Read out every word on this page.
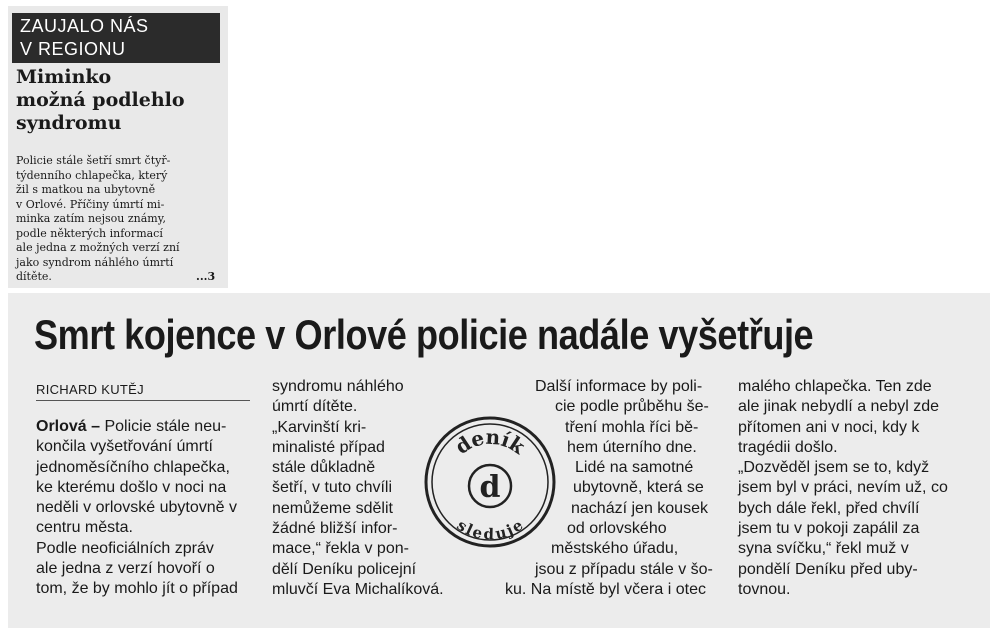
ZAUJALO NÁS
V REGIONU
Miminko
možná podlehlo
syndromu
Policie stále šetří smrt čtyř-
týdenního chlapečka, který
žil s matkou na ubytovně
v Orlové. Příčiny úmrtí mi-
minka zatím nejsou známy,
podle některých informací
ale jedna z možných verzí zní
jako syndrom náhlého úmrtí
dítěte.	...3
Smrt kojence v Orlové policie nadále vyšetřuje
RICHARD KUTĚJ
Orlová – Policie stále neu-
končila vyšetřování úmrtí
jednoměsíčního chlapečka,
ke kterému došlo v noci na
neděli v orlovské ubytovně v
centru města.
Podle neoficiálních zpráv
ale jedna z verzí hovoří o
tom, že by mohlo jít o případ
syndromu náhlého
úmrtí dítěte.
„Karvinští kri-
minalisté případ
stále důkladně
šetří, v tuto chvíli
nemůžeme sdělit
žádné bližší infor-
mace,“ řekla v pon-
dělí Deníku policejní
mluvčí Eva Michalíková.
Další informace by poli-
cie podle průběhu še-
tření mohla říci bě-
hem úterního dne.
Lidé na samotné
ubytovně, která se
nachází jen kousek
od orlovského
městského úřadu,
jsou z případu stále v šo-
ku. Na místě byl včera i otec
malého chlapečka. Ten zde
ale jinak nebydlí a nebyl zde
přítomen ani v noci, kdy k
tragédii došlo.
„Dozvěděl jsem se to, když
jsem byl v práci, nevím už, co
bych dále řekl, před chvílí
jsem tu v pokoji zapálil za
syna svíčku,“ řekl muž v
pondělí Deníku před uby-
tovnou.
deník
d
sleduje
